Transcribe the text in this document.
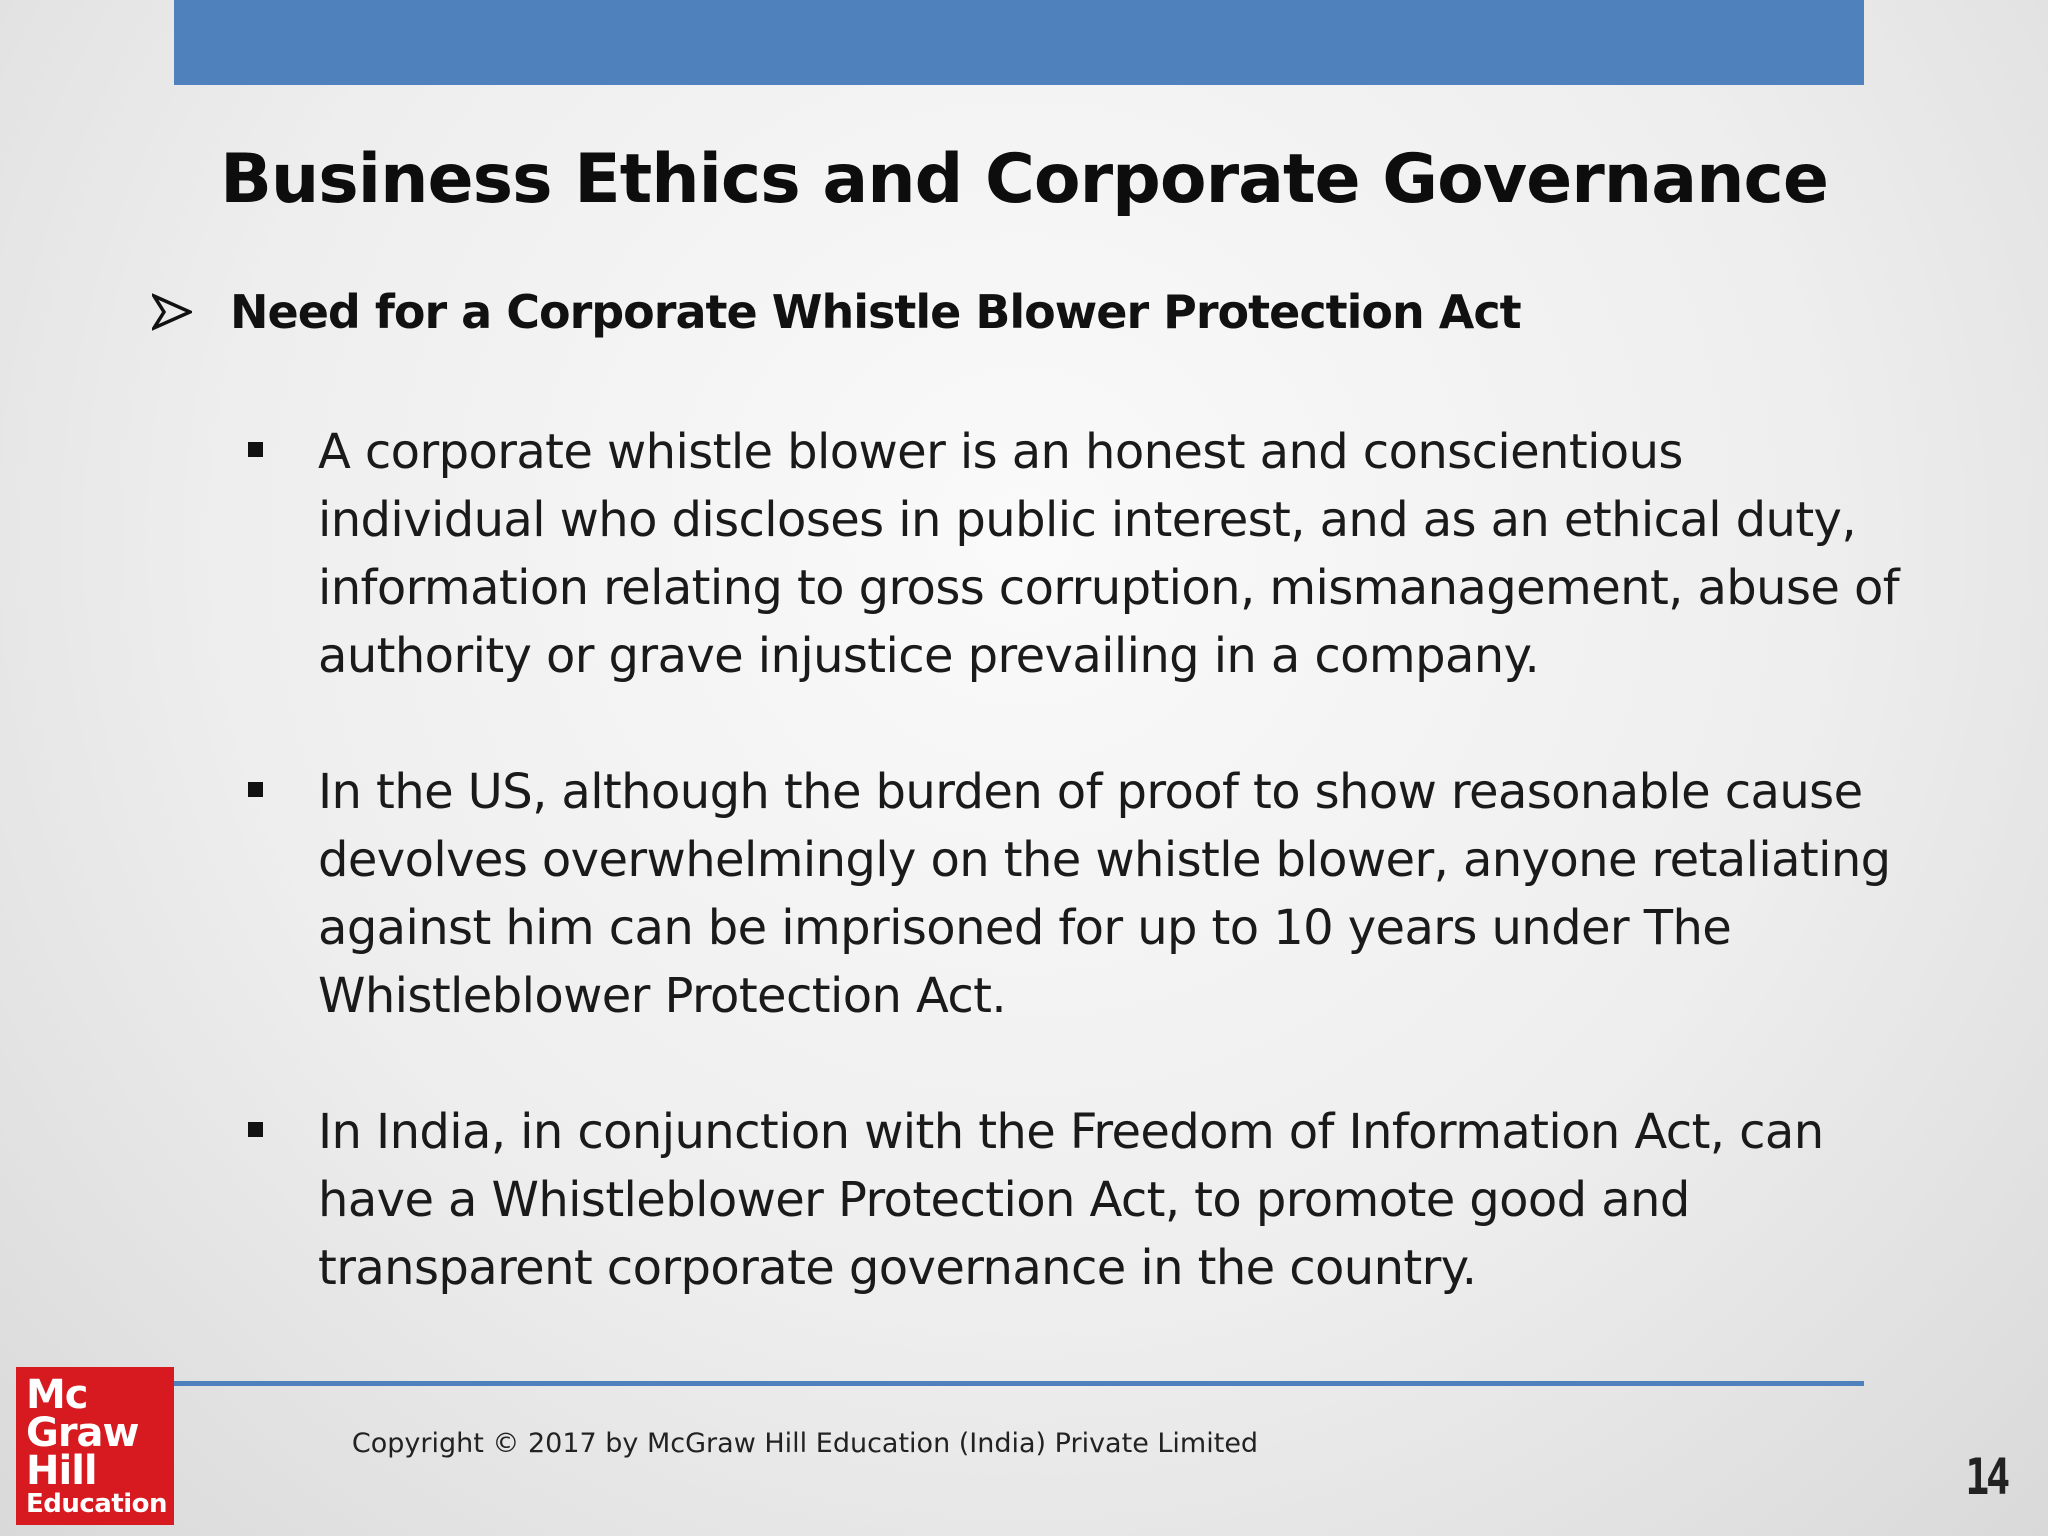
Business Ethics and Corporate Governance
Need for a Corporate Whistle Blower Protection Act
A corporate whistle blower is an honest and conscientious individual who discloses in public interest, and as an ethical duty, information relating to gross corruption, mismanagement, abuse of authority or grave injustice prevailing in a company.
In the US, although the burden of proof to show reasonable cause devolves overwhelmingly on the whistle blower, anyone retaliating against him can be imprisoned for up to 10 years under The Whistleblower Protection Act.
In India, in conjunction with the Freedom of Information Act, can have a Whistleblower Protection Act, to promote good and transparent corporate governance in the country.
Copyright © 2017 by McGraw Hill Education (India) Private Limited
14
Mc
Graw
Hill
Education
